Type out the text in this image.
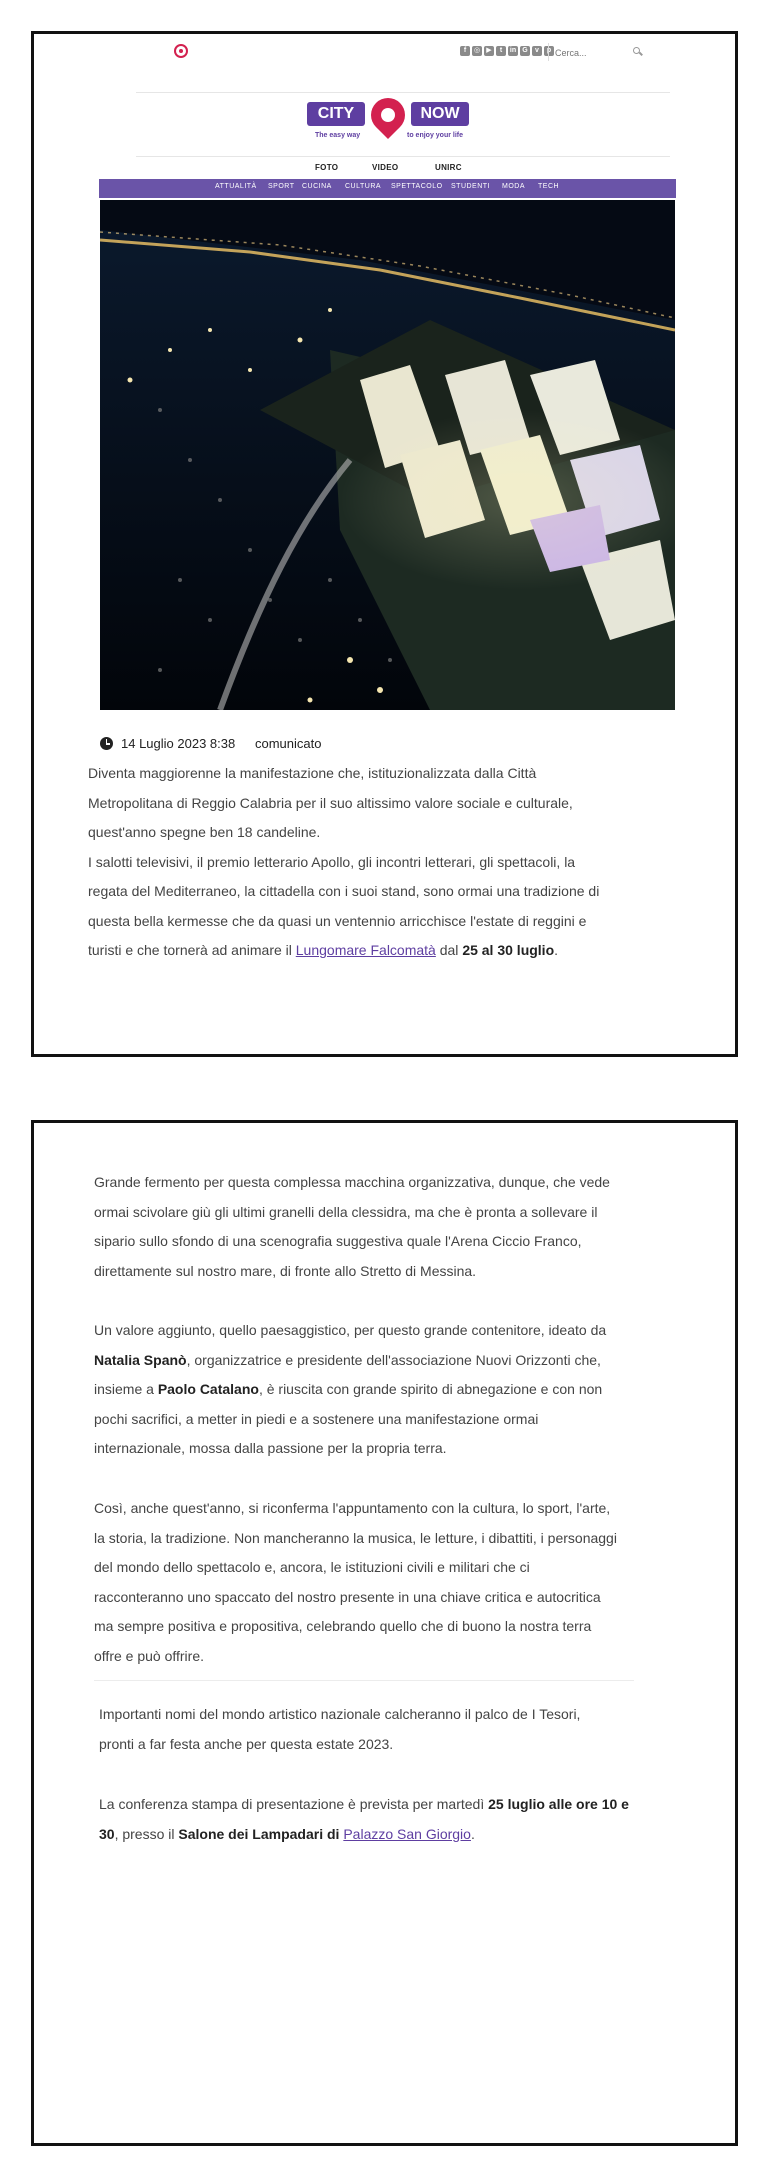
f	◎ ▶	t	in G	v	p
Cerca...
CITY	NOW
The easy way	to enjoy your life
FOTO	VIDEO	UNIRC
ATTUALITÀ SPORT CUCINA CULTURA SPETTACOLO STUDENTI MODA TECH
14 Luglio 2023 8:38 comunicato
Diventa maggiorenne la manifestazione che, istituzionalizzata dalla Città
Metropolitana di Reggio Calabria per il suo altissimo valore sociale e culturale,
quest'anno spegne ben 18 candeline.
I salotti televisivi, il premio letterario Apollo, gli incontri letterari, gli spettacoli, la
regata del Mediterraneo, la cittadella con i suoi stand, sono ormai una tradizione di
questa bella kermesse che da quasi un ventennio arricchisce l'estate di reggini e
turisti e che tornerà ad animare il Lungomare Falcomatà dal 25 al 30 luglio.
Grande fermento per questa complessa macchina organizzativa, dunque, che vede
ormai scivolare giù gli ultimi granelli della clessidra, ma che è pronta a sollevare il
sipario sullo sfondo di una scenografia suggestiva quale l'Arena Ciccio Franco,
direttamente sul nostro mare, di fronte allo Stretto di Messina.
Un valore aggiunto, quello paesaggistico, per questo grande contenitore, ideato da
Natalia Spanò, organizzatrice e presidente dell'associazione Nuovi Orizzonti che,
insieme a Paolo Catalano, è riuscita con grande spirito di abnegazione e con non
pochi sacrifici, a metter in piedi e a sostenere una manifestazione ormai
internazionale, mossa dalla passione per la propria terra.
Così, anche quest'anno, si riconferma l'appuntamento con la cultura, lo sport, l'arte,
la storia, la tradizione. Non mancheranno la musica, le letture, i dibattiti, i personaggi
del mondo dello spettacolo e, ancora, le istituzioni civili e militari che ci
racconteranno uno spaccato del nostro presente in una chiave critica e autocritica
ma sempre positiva e propositiva, celebrando quello che di buono la nostra terra
offre e può offrire.
Importanti nomi del mondo artistico nazionale calcheranno il palco de I Tesori,
pronti a far festa anche per questa estate 2023.
La conferenza stampa di presentazione è prevista per martedì 25 luglio alle ore 10 e
30, presso il Salone dei Lampadari di Palazzo San Giorgio.
